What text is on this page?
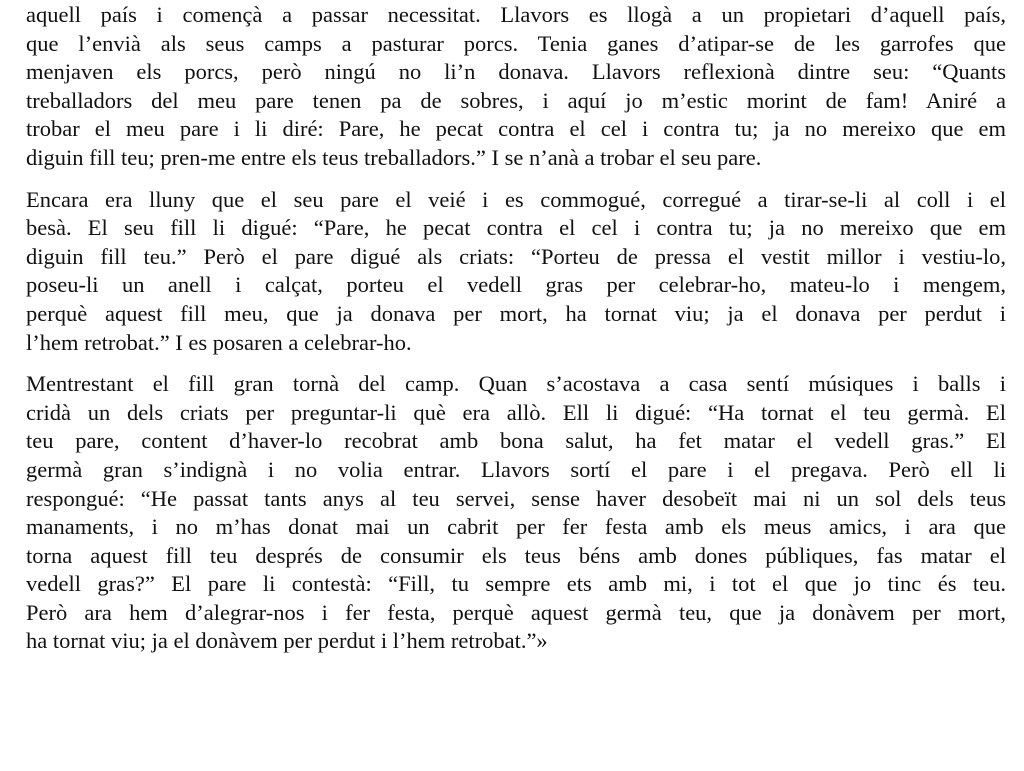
aquell país i començà a passar necessitat. Llavors es llogà a un propietari d’aquell país,
que l’envià als seus camps a pasturar porcs. Tenia ganes d’atipar-se de les garrofes que
menjaven els porcs, però ningú no li’n donava. Llavors reflexionà dintre seu: “Quants
treballadors del meu pare tenen pa de sobres, i aquí jo m’estic morint de fam! Aniré a
trobar el meu pare i li diré: Pare, he pecat contra el cel i contra tu; ja no mereixo que em
diguin fill teu; pren-me entre els teus treballadors.” I se n’anà a trobar el seu pare.

Encara era lluny que el seu pare el veié i es commogué, corregué a tirar-se-li al coll i el
besà. El seu fill li digué: “Pare, he pecat contra el cel i contra tu; ja no mereixo que em
diguin fill teu.” Però el pare digué als criats: “Porteu de pressa el vestit millor i vestiu-lo,
poseu-li un anell i calçat, porteu el vedell gras per celebrar-ho, mateu-lo i mengem,
perquè aquest fill meu, que ja donava per mort, ha tornat viu; ja el donava per perdut i
l’hem retrobat.” I es posaren a celebrar-ho.

Mentrestant el fill gran tornà del camp. Quan s’acostava a casa sentí músiques i balls i
cridà un dels criats per preguntar-li què era allò. Ell li digué: “Ha tornat el teu germà. El
teu pare, content d’haver-lo recobrat amb bona salut, ha fet matar el vedell gras.” El
germà gran s’indignà i no volia entrar. Llavors sortí el pare i el pregava. Però ell li
respongué: “He passat tants anys al teu servei, sense haver desobeït mai ni un sol dels teus
manaments, i no m’has donat mai un cabrit per fer festa amb els meus amics, i ara que
torna aquest fill teu després de consumir els teus béns amb dones públiques, fas matar el
vedell gras?” El pare li contestà: “Fill, tu sempre ets amb mi, i tot el que jo tinc és teu.
Però ara hem d’alegrar-nos i fer festa, perquè aquest germà teu, que ja donàvem per mort,
ha tornat viu; ja el donàvem per perdut i l’hem retrobat.”»
